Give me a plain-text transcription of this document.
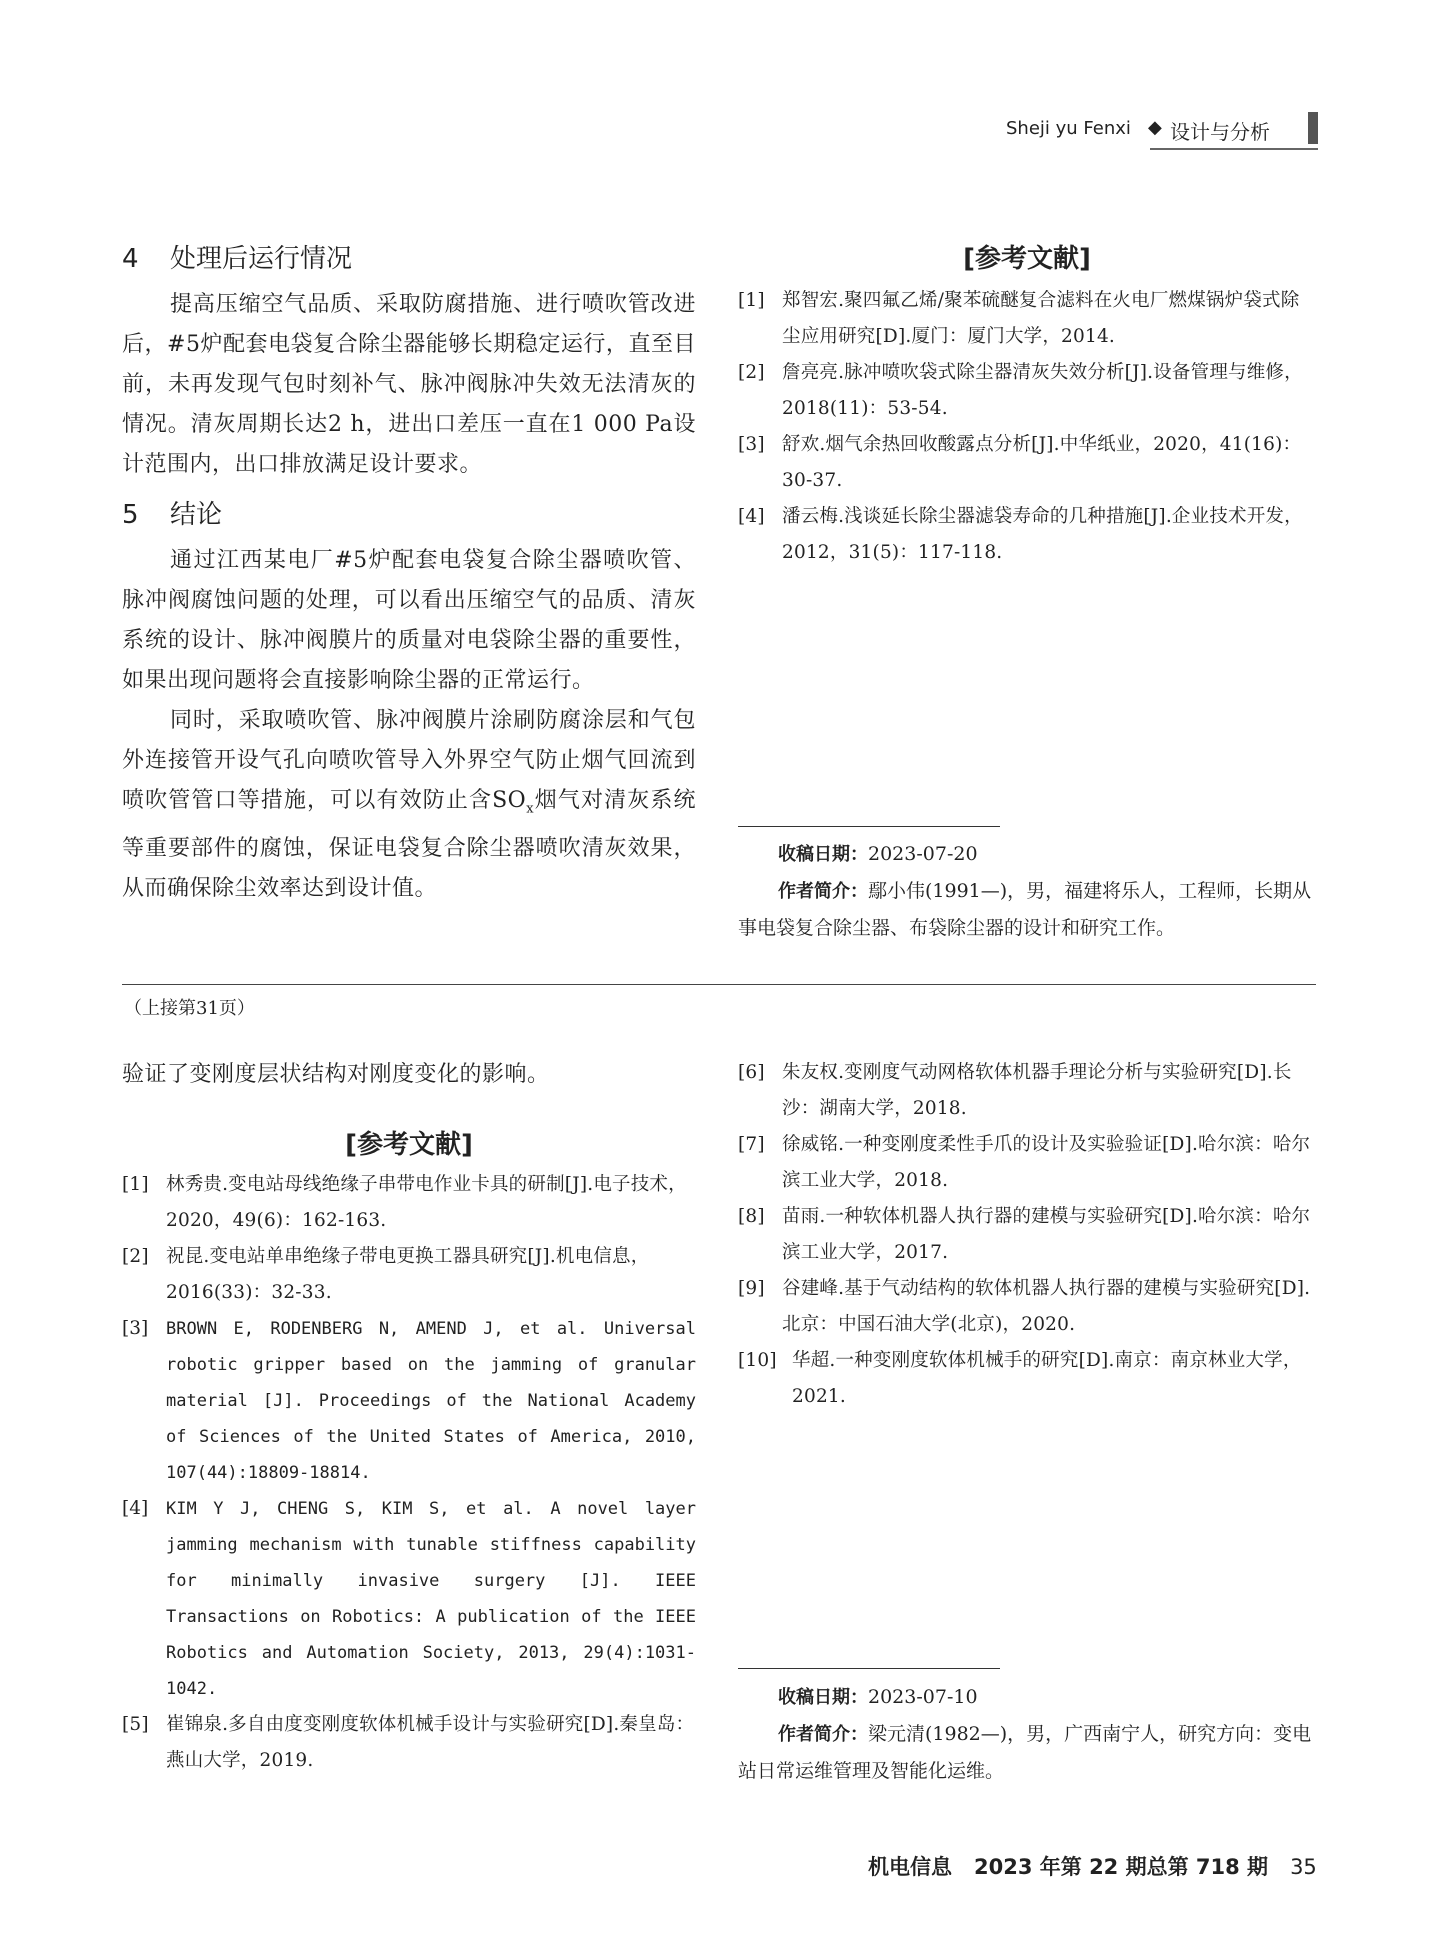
Sheji yu Fenxi ◆ 设计与分析
4 处理后运行情况

提高压缩空气品质、采取防腐措施、进行喷吹管改进后，#5炉配套电袋复合除尘器能够长期稳定运行，直至目前，未再发现气包时刻补气、脉冲阀脉冲失效无法清灰的情况。清灰周期长达2 h，进出口差压一直在1 000 Pa设计范围内，出口排放满足设计要求。

5 结论

通过江西某电厂#5炉配套电袋复合除尘器喷吹管、脉冲阀腐蚀问题的处理，可以看出压缩空气的品质、清灰系统的设计、脉冲阀膜片的质量对电袋除尘器的重要性，如果出现问题将会直接影响除尘器的正常运行。

同时，采取喷吹管、脉冲阀膜片涂刷防腐涂层和气包外连接管开设气孔向喷吹管导入外界空气防止烟气回流到喷吹管管口等措施，可以有效防止含$SO_x$烟气对清灰系统等重要部件的腐蚀，保证电袋复合除尘器喷吹清灰效果，从而确保除尘效率达到设计值。

[参考文献]

[1] 郑智宏.聚四氟乙烯/聚苯硫醚复合滤料在火电厂燃煤锅炉袋式除尘应用研究[D].厦门：厦门大学，2014.

[2] 詹亮亮.脉冲喷吹袋式除尘器清灰失效分析[J].设备管理与维修，2018(11)：53-54.

[3] 舒欢.烟气余热回收酸露点分析[J].中华纸业，2020，41(16)：30-37.

[4] 潘云梅.浅谈延长除尘器滤袋寿命的几种措施[J].企业技术开发，2012，31(5)：117-118.

收稿日期：2023-07-20
作者简介：鄢小伟(1991—)，男，福建将乐人，工程师，长期从事电袋复合除尘器、布袋除尘器的设计和研究工作。
（上接第31页）

验证了变刚度层状结构对刚度变化的影响。

[参考文献]

[1] 林秀贵.变电站母线绝缘子串带电作业卡具的研制[J].电子技术，2020，49(6)：162-163.

[2] 祝昆.变电站单串绝缘子带电更换工器具研究[J].机电信息，2016(33)：32-33.

[3] BROWN E, RODENBERG N, AMEND J, et al. Universal robotic gripper based on the jamming of granular material [J]. Proceedings of the National Academy of Sciences of the United States of America, 2010, 107(44):18809-18814.

[4] KIM Y J, CHENG S, KIM S, et al. A novel layer jamming mechanism with tunable stiffness capability for minimally invasive surgery [J]. IEEE Transactions on Robotics: A publication of the IEEE Robotics and Automation Society, 2013, 29(4):1031-1042.

[5] 崔锦泉.多自由度变刚度软体机械手设计与实验研究[D].秦皇岛：燕山大学，2019.

[6] 朱友权.变刚度气动网格软体机器手理论分析与实验研究[D].长沙：湖南大学，2018.

[7] 徐威铭.一种变刚度柔性手爪的设计及实验验证[D].哈尔滨：哈尔滨工业大学，2018.

[8] 苗雨.一种软体机器人执行器的建模与实验研究[D].哈尔滨：哈尔滨工业大学，2017.

[9] 谷建峰.基于气动结构的软体机器人执行器的建模与实验研究[D].北京：中国石油大学(北京)，2020.

[10] 华超.一种变刚度软体机械手的研究[D].南京：南京林业大学，2021.

收稿日期：2023-07-10
作者简介：梁元清(1982—)，男，广西南宁人，研究方向：变电站日常运维管理及智能化运维。
机电信息 2023 年第 22 期总第 718 期 35
